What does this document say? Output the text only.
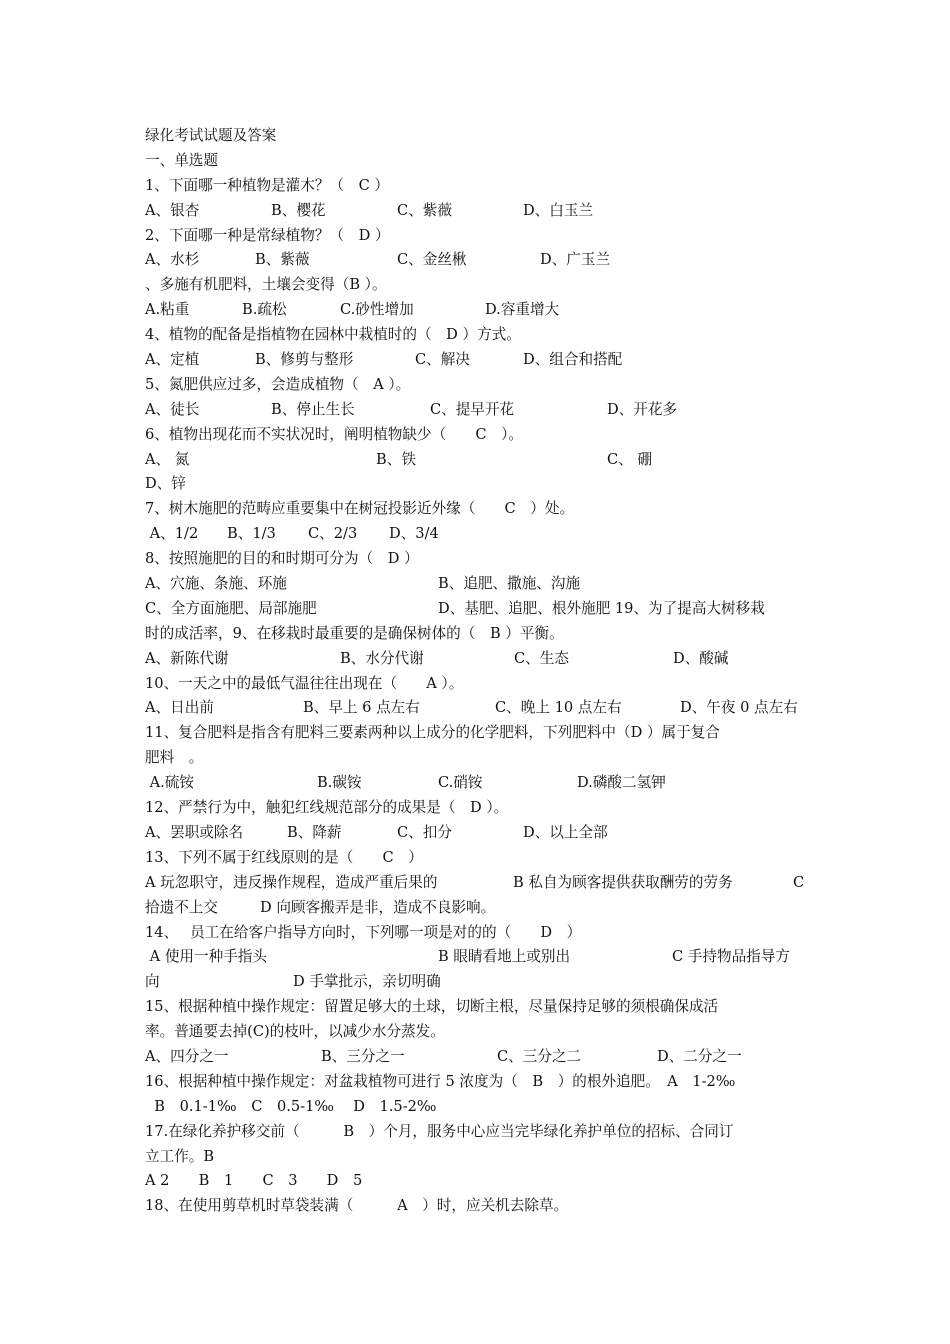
绿化考试试题及答案
一、单选题
1、下面哪一种植物是灌木？（　C ）
A、银杏	B、樱花	C、紫薇	D、白玉兰
2、下面哪一种是常绿植物？（　D ）
A、水杉	B、紫薇	C、金丝楸	D、广玉兰
、多施有机肥料，土壤会变得（B ）。
A.粘重	B.疏松	C.砂性增加	D.容重增大
4、植物的配备是指植物在园林中栽植时的（　D ）方式。
A、定植	B、修剪与整形	C、解决	D、组合和搭配
5、氮肥供应过多，会造成植物（　A ）。
A、徒长	B、停止生长	C、提早开花	D、开花多
6、植物出现花而不实状况时，阐明植物缺少（　　C　）。
A、 氮	B、铁	C、 硼
D、锌
7、树木施肥的范畴应重要集中在树冠投影近外缘（　　C　）处。
A、1/2 B、1/3 C、2/3 D、3/4
8、按照施肥的目的和时期可分为（　D ）
A、穴施、条施、环施	B、追肥、撒施、沟施
C、全方面施肥、局部施肥	D、基肥、追肥、根外施肥 19、为了提高大树移栽
时的成活率，9、在移栽时最重要的是确保树体的（　B ）平衡。
A、新陈代谢	B、水分代谢	C、生态	D、酸碱
10、一天之中的最低气温往往出现在（　　A ）。
A、日出前	B、早上 6 点左右	C、晚上 10 点左右	D、午夜 0 点左右
11、复合肥料是指含有肥料三要素两种以上成分的化学肥料，下列肥料中（D ）属于复合
肥料　。
A.硫铵	B.碳铵	C.硝铵	D.磷酸二氢钾
12、严禁行为中，触犯红线规范部分的成果是（　D ）。
A、罢职或除名	B、降薪	C、扣分	D、以上全部
13、下列不属于红线原则的是（　　C　）
A 玩忽职守，违反操作规程，造成严重后果的	B 私自为顾客提供获取酬劳的劳务	C
拾遗不上交	D 向顾客搬弄是非，造成不良影响。
14、　 员工在给客户指导方向时，下列哪一项是对的的（　　D　）
A 使用一种手指头	B 眼睛看地上或别出	C 手持物品指导方
向	D 手掌批示，亲切明确
15、根据种植中操作规定：留置足够大的土球，切断主根，尽量保持足够的须根确保成活
率。普通要去掉(C)的枝叶，以减少水分蒸发。
A、四分之一	B、三分之一	C、三分之二	D、二分之一
16、根据种植中操作规定：对盆栽植物可进行 5 浓度为（　B　）的根外追肥。　A　1-2‰
B　0.1-1‰　C　0.5-1‰　 D　1.5-2‰
17.在绿化养护移交前（　　　B　）个月，服务中心应当完毕绿化养护单位的招标、合同订
立工作。B
A 2　　B　1　　C　3　　D　5
18、在使用剪草机时草袋装满（　　　A　）时，应关机去除草。
